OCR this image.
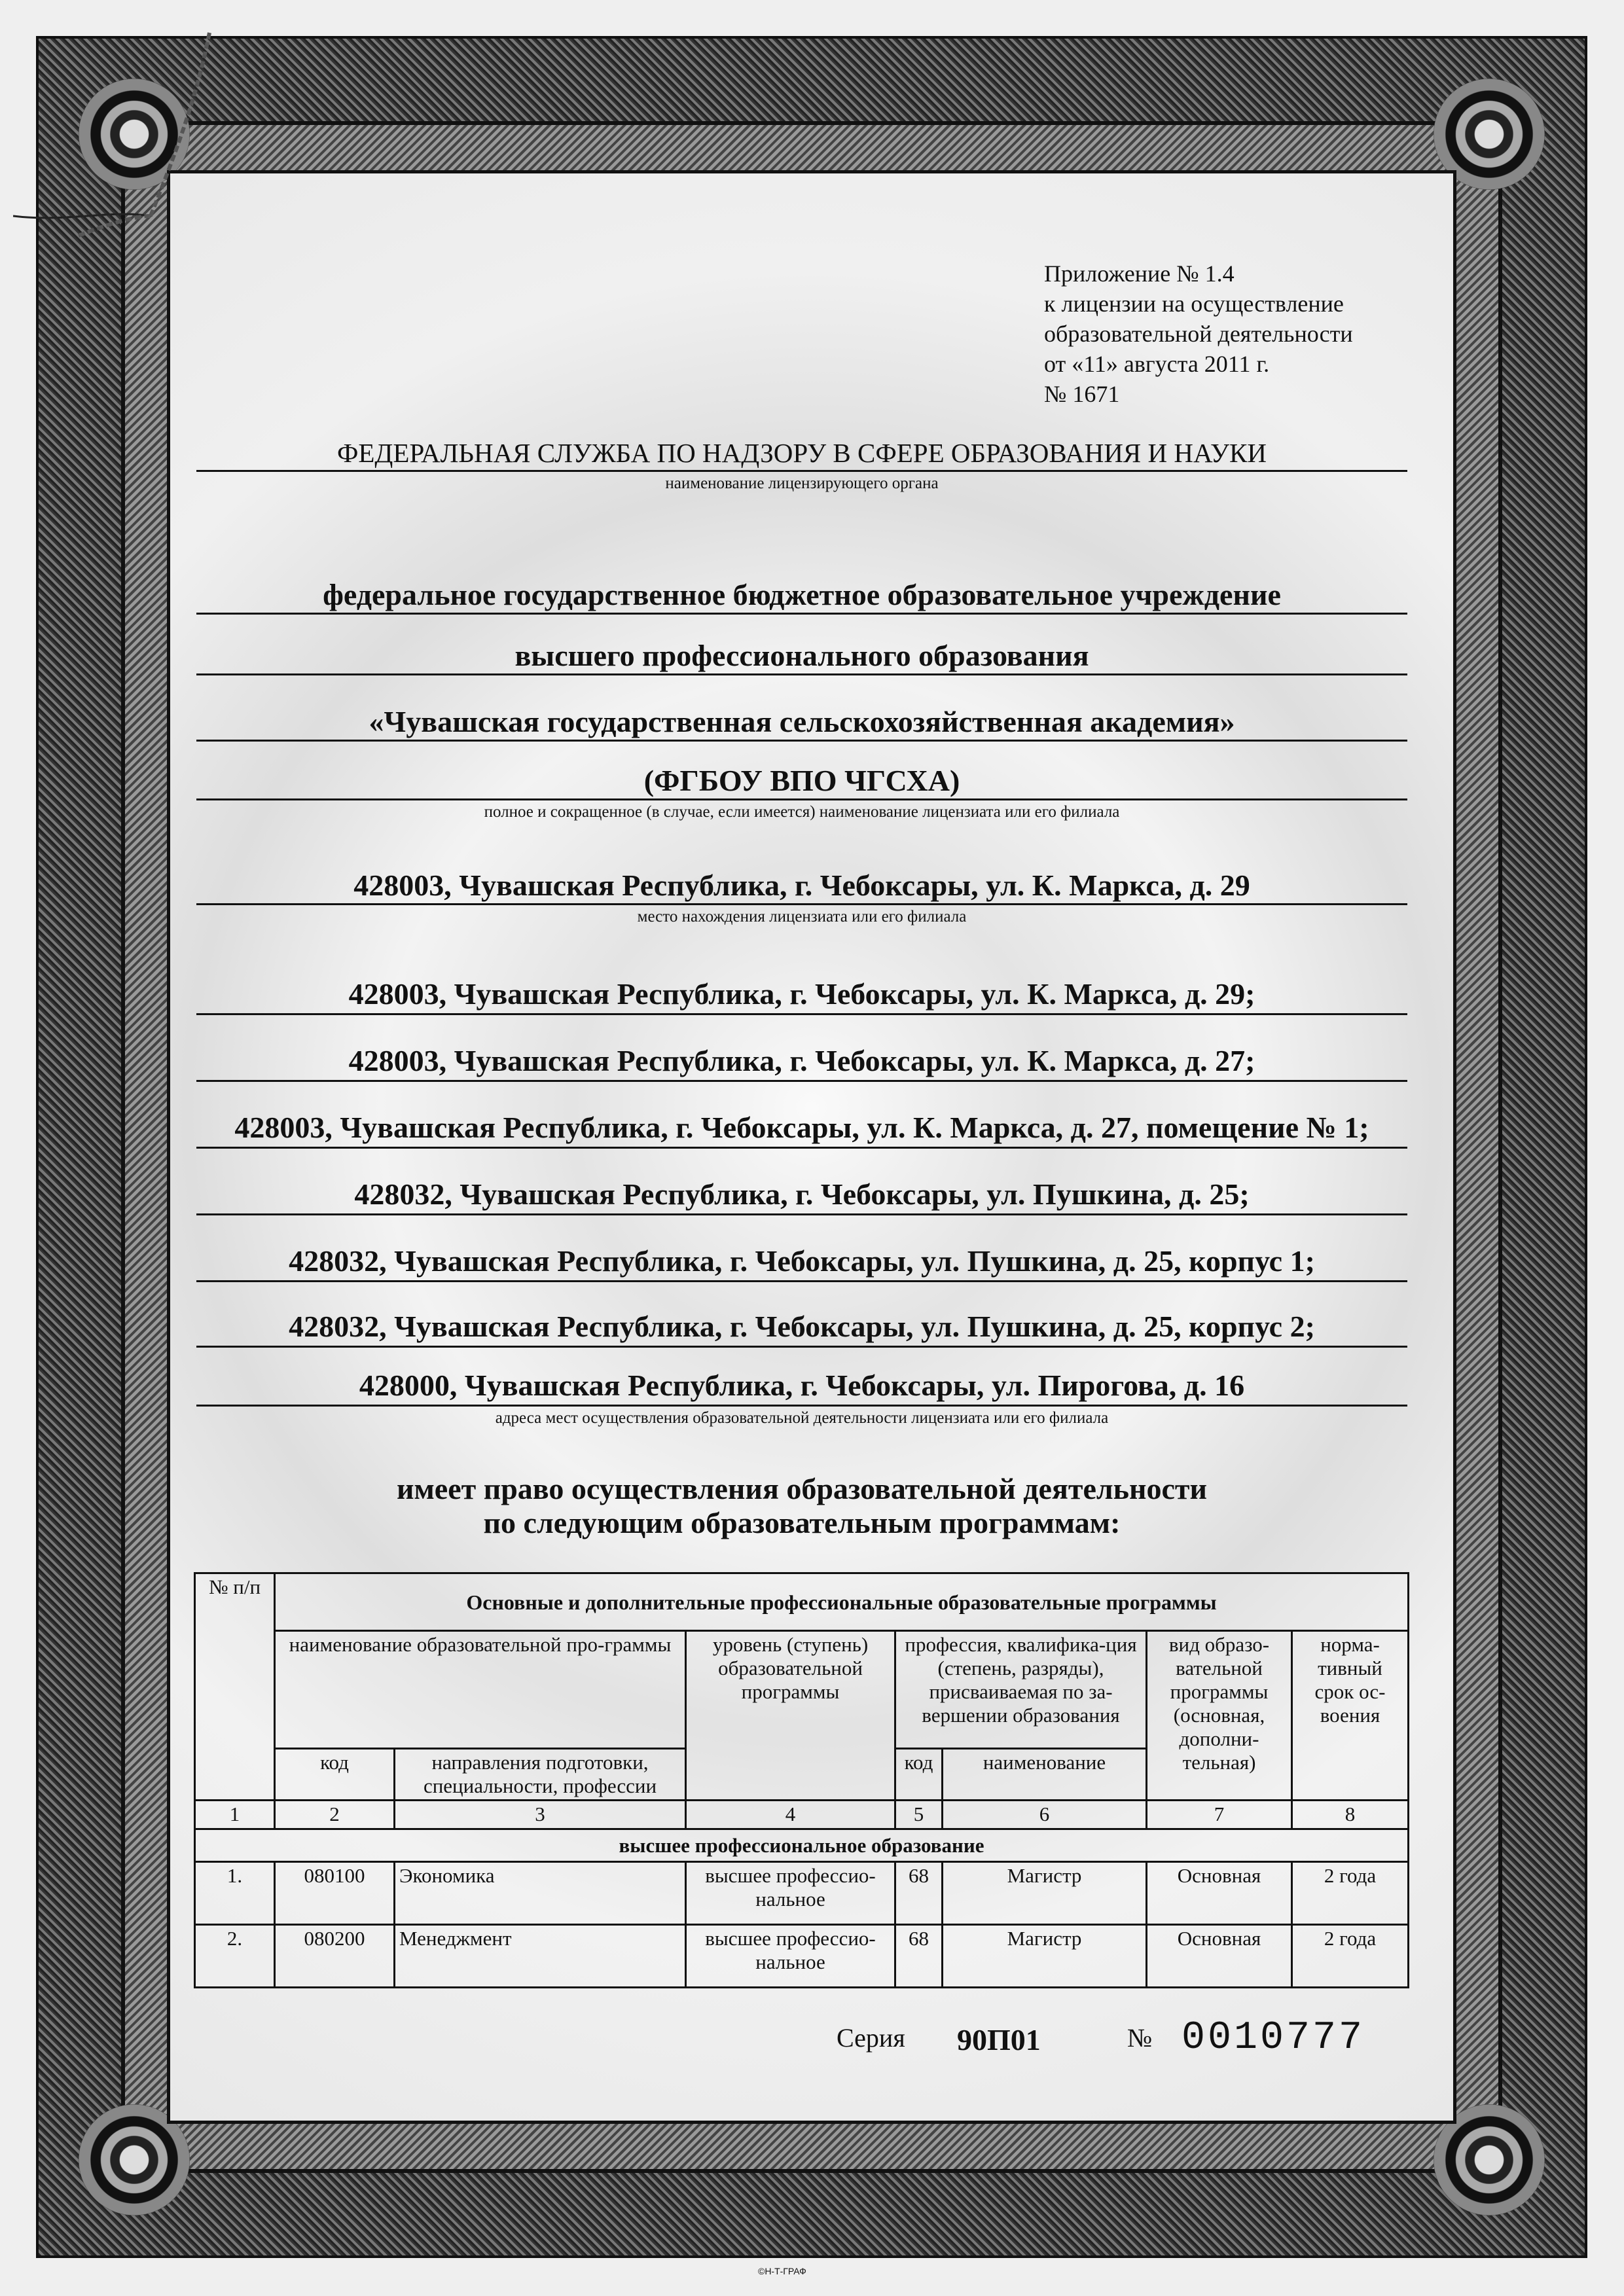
Приложение № 1.4
к лицензии на осуществление
образовательной деятельности
от «11» августа 2011 г.
№ 1671
ФЕДЕРАЛЬНАЯ СЛУЖБА ПО НАДЗОРУ В СФЕРЕ ОБРАЗОВАНИЯ И НАУКИ
наименование лицензирующего органа
федеральное государственное бюджетное образовательное учреждение
высшего профессионального образования
«Чувашская государственная сельскохозяйственная академия»
(ФГБОУ ВПО ЧГСХА)
полное и сокращенное (в случае, если имеется) наименование лицензиата или его филиала
428003, Чувашская Республика, г. Чебоксары, ул. К. Маркса, д. 29
место нахождения лицензиата или его филиала
428003, Чувашская Республика, г. Чебоксары, ул. К. Маркса, д. 29;
428003, Чувашская Республика, г. Чебоксары, ул. К. Маркса, д. 27;
428003, Чувашская Республика, г. Чебоксары, ул. К. Маркса, д. 27, помещение № 1;
428032, Чувашская Республика, г. Чебоксары, ул. Пушкина, д. 25;
428032, Чувашская Республика, г. Чебоксары, ул. Пушкина, д. 25, корпус 1;
428032, Чувашская Республика, г. Чебоксары, ул. Пушкина, д. 25, корпус 2;
428000, Чувашская Республика, г. Чебоксары, ул. Пирогова, д. 16
адреса мест осуществления образовательной деятельности лицензиата или его филиала
имеет право осуществления образовательной деятельности
по следующим образовательным программам:
№ п/п	Основные и дополнительные профессиональные образовательные программы						
	наименование образовательной про-граммы		уровень (ступень) образовательной программы	профессия, квалифика-ция (степень, разряды), присваиваемая по за-вершении образования		вид образо-вательной программы (основная, дополни-тельная)	норма-тивный срок ос-воения
	код	направления подготовки, специальности, профессии		код	наименование		
1	2	3	4	5	6	7	8
высшее профессиональное образование							
1.	080100	Экономика	высшее профессио-нальное	68	Магистр	Основная	2 года
2.	080200	Менеджмент	высшее профессио-нальное	68	Магистр	Основная	2 года
Серия 90П01	№ 0010777
©Н-Т-ГРАФ
